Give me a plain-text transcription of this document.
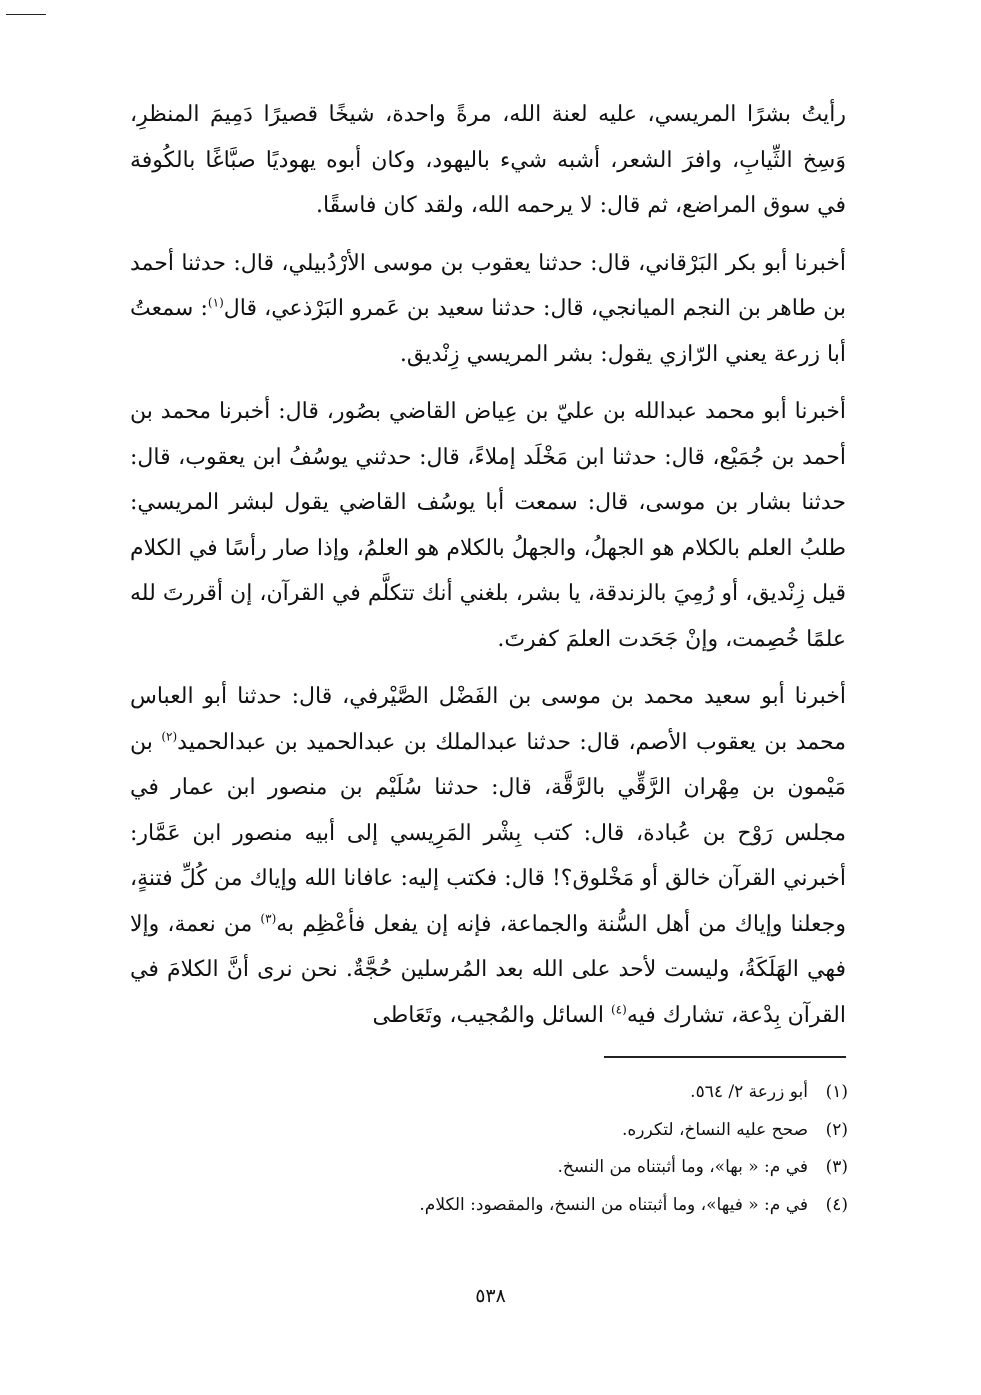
رأيتُ بشرًا المريسي، عليه لعنة الله، مرةً واحدة، شيخًا قصيرًا دَمِيمَ المنظرِ، وَسِخ الثِّيابِ، وافرَ الشعر، أشبه شيء باليهود، وكان أبوه يهوديًا صبَّاغًا بالكُوفة في سوق المراضع، ثم قال: لا يرحمه الله، ولقد كان فاسقًا.

أخبرنا أبو بكر البَرْقاني، قال: حدثنا يعقوب بن موسى الأرْدُبيلي، قال: حدثنا أحمد بن طاهر بن النجم الميانجي، قال: حدثنا سعيد بن عَمرو البَرْذعي، قال$^{(١)}$: سمعتُ أبا زرعة يعني الرّازي يقول: بشر المريسي زِنْديق.

أخبرنا أبو محمد عبدالله بن عليّ بن عِياض القاضي بصُور، قال: أخبرنا محمد بن أحمد بن جُمَيْع، قال: حدثنا ابن مَخْلَد إملاءً، قال: حدثني يوسُفُ ابن يعقوب، قال: حدثنا بشار بن موسى، قال: سمعت أبا يوسُف القاضي يقول لبشر المريسي: طلبُ العلم بالكلام هو الجهلُ، والجهلُ بالكلام هو العلمُ، وإذا صار رأسًا في الكلام قيل زِنْديق، أو رُمِيَ بالزندقة، يا بشر، بلغني أنك تتكلَّم في القرآن، إن أقررتَ لله علمًا خُصِمت، وإنْ جَحَدت العلمَ كفرتَ.

أخبرنا أبو سعيد محمد بن موسى بن الفَضْل الصَّيْرفي، قال: حدثنا أبو العباس محمد بن يعقوب الأصم، قال: حدثنا عبدالملك بن عبدالحميد بن عبدالحميد$^{(٢)}$ بن مَيْمون بن مِهْران الرَّقِّي بالرَّقَّة، قال: حدثنا سُلَيْم بن منصور ابن عمار في مجلس رَوْح بن عُبادة، قال: كتب بِشْر المَرِيسي إلى أبيه منصور ابن عَمَّار: أخبرني القرآن خالق أو مَخْلوق؟! قال: فكتب إليه: عافانا الله وإياك من كُلِّ فتنةٍ، وجعلنا وإياك من أهل السُّنة والجماعة، فإنه إن يفعل فأعْظِم به$^{(٣)}$ من نعمة، وإلا فهي الهَلَكَةُ، وليست لأحد على الله بعد المُرسلين حُجَّةٌ. نحن نرى أنَّ الكلامَ في القرآن بِدْعة، تشارك فيه$^{(٤)}$ السائل والمُجيب، وتَعَاطى

(١)
أبو زرعة ٢/ ٥٦٤.
(٢)
صحح عليه النساخ، لتكرره.
(٣)
في م: « بها»، وما أثبتناه من النسخ.
(٤)
في م: « فيها»، وما أثبتناه من النسخ، والمقصود: الكلام.
٥٣٨
